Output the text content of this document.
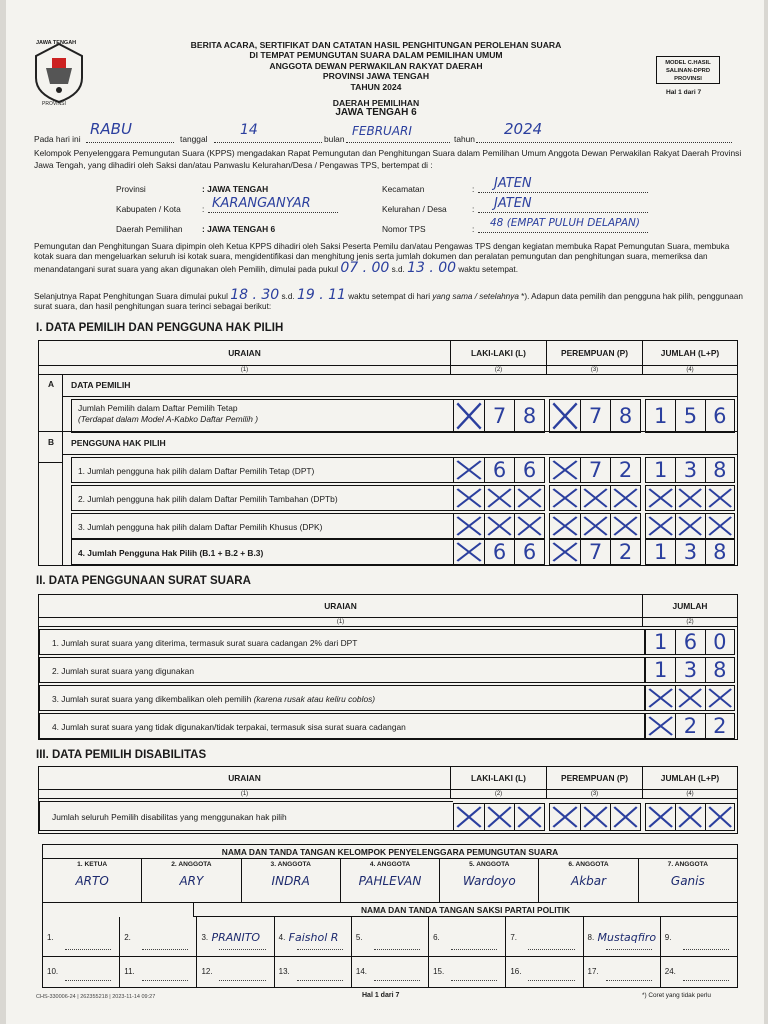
JAWA TENGAH
PROVINSI
BERITA ACARA, SERTIFIKAT DAN CATATAN HASIL PENGHITUNGAN PEROLEHAN SUARA
DI TEMPAT PEMUNGUTAN SUARA DALAM PEMILIHAN UMUM
ANGGOTA DEWAN PERWAKILAN RAKYAT DAERAH
PROVINSI JAWA TENGAH
TAHUN 2024
DAERAH PEMILIHAN
JAWA TENGAH 6
MODEL C.HASIL
SALINAN-DPRD
PROVINSI
Hal 1 dari 7
Pada hari ini
RABU
tanggal
14
bulan
FEBRUARI
tahun
2024
Kelompok Penyelenggara Pemungutan Suara (KPPS) mengadakan Rapat Pemungutan dan Penghitungan Suara dalam Pemilihan Umum Anggota Dewan Perwakilan Rakyat Daerah Provinsi Jawa Tengah, yang dihadiri oleh Saksi dan/atau Panwaslu Kelurahan/Desa / Pengawas TPS, bertempat di :
Provinsi	: JAWA TENGAH
Kabupaten / Kota	: KARANGANYAR
Daerah Pemilihan : JAWA TENGAH 6
Kecamatan	: JATEN
Kelurahan / Desa	: JATEN
Nomor TPS	: 48 (EMPAT PULUH DELAPAN)
Pemungutan dan Penghitungan Suara dipimpin oleh Ketua KPPS dihadiri oleh Saksi Peserta Pemilu dan/atau Pengawas TPS dengan kegiatan membuka Rapat Pemungutan Suara, membuka kotak suara dan mengeluarkan seluruh isi kotak suara, mengidentifikasi dan menghitung jenis serta jumlah dokumen dan peralatan pemungutan dan penghitungan suara, memeriksa dan menandatangani surat suara yang akan digunakan oleh Pemilih, dimulai pada pukul 07 . 00 s.d. 13 . 00 waktu setempat.
Selanjutnya Rapat Penghitungan Suara dimulai pukul 18 . 30 s.d. 19 . 11 waktu setempat di hari yang sama / setelahnya *). Adapun data pemilih dan pengguna hak pilih, penggunaan surat suara, dan hasil penghitungan suara terinci sebagai berikut:
I. DATA PEMILIH DAN PENGGUNA HAK PILIH
URAIAN	LAKI-LAKI (L)	PEREMPUAN (P)	JUMLAH (L+P)
(1)	(2)	(3)	(4)
A	DATA PEMILIH
Jumlah Pemilih dalam Daftar Pemilih Tetap
(Terdapat dalam Model A-Kabko Daftar Pemilih )	7 8	7 8	1 5 6
B	PENGGUNA HAK PILIH
1. Jumlah pengguna hak pilih dalam Daftar Pemilih Tetap (DPT)	6 6	7 2	1 3 8
2. Jumlah pengguna hak pilih dalam Daftar Pemilih Tambahan (DPTb)
3. Jumlah pengguna hak pilih dalam Daftar Pemilih Khusus (DPK)
4. Jumlah Pengguna Hak Pilih (B.1 + B.2 + B.3)	6 6	7 2	1 3 8
II. DATA PENGGUNAAN SURAT SUARA
URAIAN	JUMLAH
(1)	(2)
1. Jumlah surat suara yang diterima, termasuk surat suara cadangan 2% dari DPT	1 6 0
2. Jumlah surat suara yang digunakan	1 3 8
3. Jumlah surat suara yang dikembalikan oleh pemilih (karena rusak atau keliru coblos)
4. Jumlah surat suara yang tidak digunakan/tidak terpakai, termasuk sisa surat suara cadangan	2 2
III. DATA PEMILIH DISABILITAS
URAIAN	LAKI-LAKI (L)	PEREMPUAN (P)	JUMLAH (L+P)
(1)	(2)	(3)	(4)
Jumlah seluruh Pemilih disabilitas yang menggunakan hak pilih
NAMA DAN TANDA TANGAN KELOMPOK PENYELENGGARA PEMUNGUTAN SUARA
1. KETUA
ARTO
2. ANGGOTA
ARY
3. ANGGOTA
INDRA
4. ANGGOTA
PAHLEVAN
5. ANGGOTA
Wardoyo
6. ANGGOTA
Akbar
7. ANGGOTA
Ganis
NAMA DAN TANDA TANGAN SAKSI PARTAI POLITIK
1.	2.	3. PRANITO 4. Faishol R 5.	6.	7.	8. Mustaqfiro 9.
10.	11.	12.	13.	14.	15.	16.	17.	24.
CHS-330006-24 | 262355218 | 2023-11-14 09:27	Hal 1 dari 7	*) Coret yang tidak perlu
